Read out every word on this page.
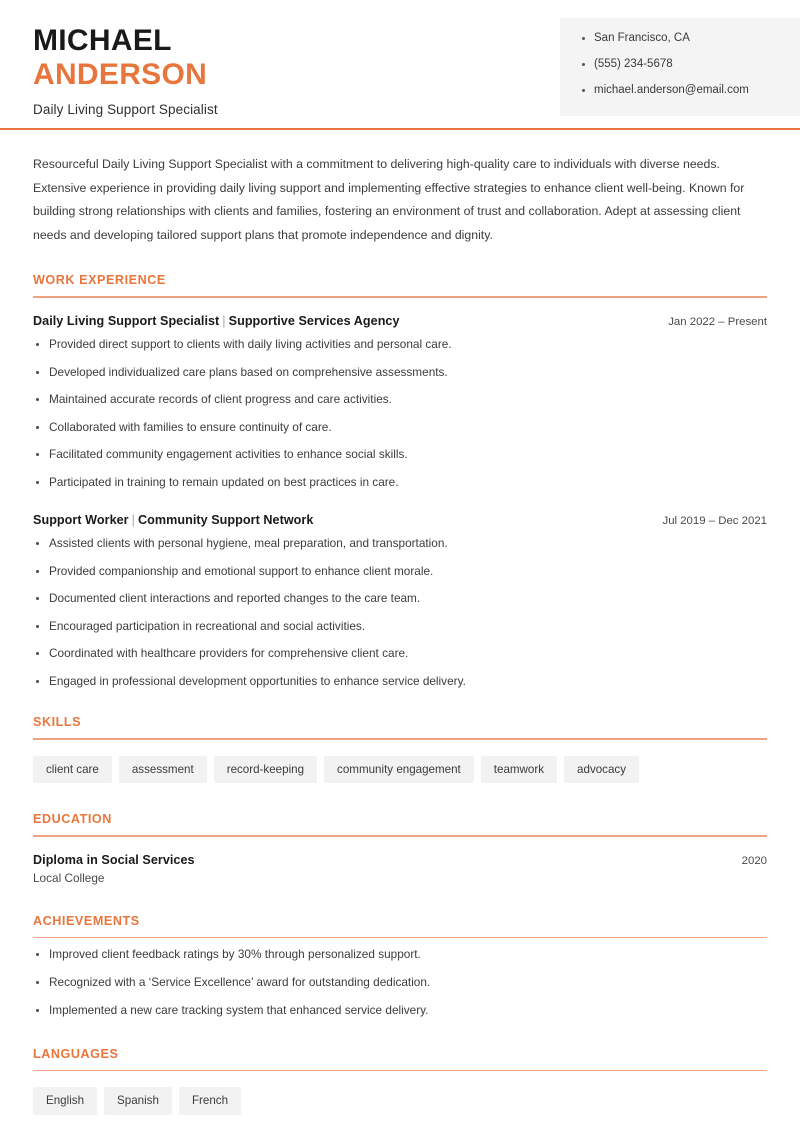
MICHAEL
ANDERSON
Daily Living Support Specialist
San Francisco, CA
(555) 234-5678
michael.anderson@email.com
Resourceful Daily Living Support Specialist with a commitment to delivering high-quality care to individuals with diverse needs. Extensive experience in providing daily living support and implementing effective strategies to enhance client well-being. Known for building strong relationships with clients and families, fostering an environment of trust and collaboration. Adept at assessing client needs and developing tailored support plans that promote independence and dignity.
WORK EXPERIENCE
Daily Living Support Specialist | Supportive Services Agency	Jan 2022 – Present
Provided direct support to clients with daily living activities and personal care.
Developed individualized care plans based on comprehensive assessments.
Maintained accurate records of client progress and care activities.
Collaborated with families to ensure continuity of care.
Facilitated community engagement activities to enhance social skills.
Participated in training to remain updated on best practices in care.
Support Worker | Community Support Network	Jul 2019 – Dec 2021
Assisted clients with personal hygiene, meal preparation, and transportation.
Provided companionship and emotional support to enhance client morale.
Documented client interactions and reported changes to the care team.
Encouraged participation in recreational and social activities.
Coordinated with healthcare providers for comprehensive client care.
Engaged in professional development opportunities to enhance service delivery.
SKILLS
client care	assessment	record-keeping	community engagement	teamwork	advocacy
EDUCATION
Diploma in Social Services	2020
Local College
ACHIEVEMENTS
Improved client feedback ratings by 30% through personalized support.
Recognized with a ‘Service Excellence’ award for outstanding dedication.
Implemented a new care tracking system that enhanced service delivery.
LANGUAGES
English	Spanish	French
